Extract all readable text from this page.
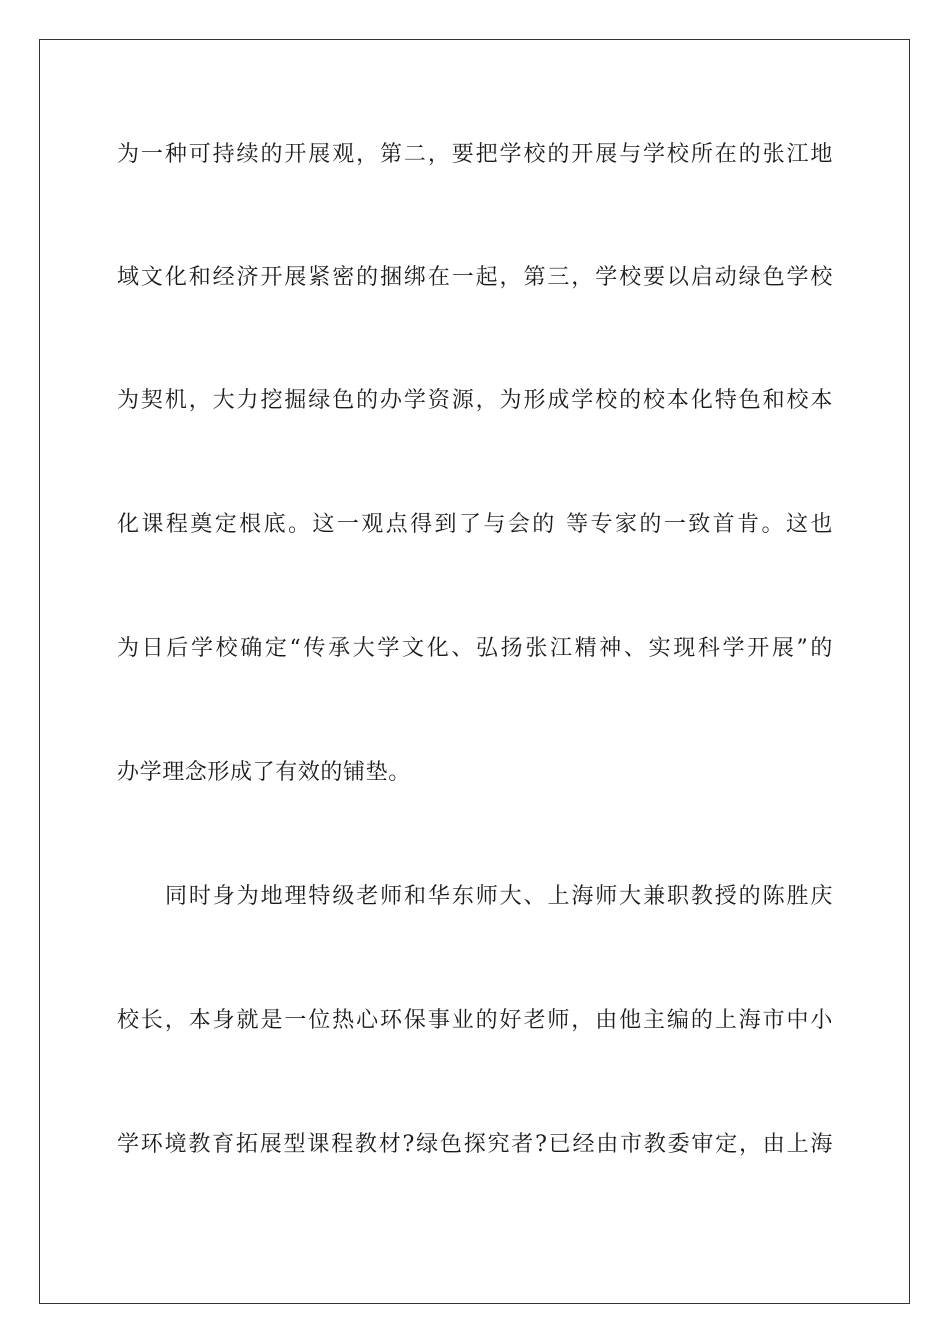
为一种可持续的开展观，第二，要把学校的开展与学校所在的张江地
域文化和经济开展紧密的捆绑在一起，第三，学校要以启动绿色学校
为契机，大力挖掘绿色的办学资源，为形成学校的校本化特色和校本
化课程奠定根底。这一观点得到了与会的 等专家的一致首肯。这也
为日后学校确定“传承大学文化、弘扬张江精神、实现科学开展”的
办学理念形成了有效的铺垫。
同时身为地理特级老师和华东师大、上海师大兼职教授的陈胜庆
校长，本身就是一位热心环保事业的好老师，由他主编的上海市中小
学环境教育拓展型课程教材?绿色探究者?已经由市教委审定，由上海
